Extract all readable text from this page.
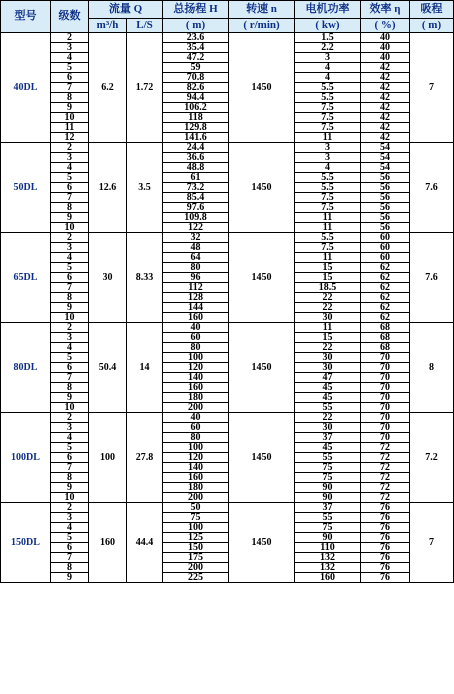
型号	级数	流量 Q		总扬程 H	转速 n	电机功率	效率 η	吸程
		m³/h	L/S	( m)	( r/min)	( kw)	( %)	( m)
40DL	2	6.2	1.72	23.6	1450	1.5	40	7
	3			35.4		2.2	40	
	4			47.2		3	40	
	5			59		4	42	
	6			70.8		4	42	
	7			82.6		5.5	42	
	8			94.4		5.5	42	
	9			106.2		7.5	42	
	10			118		7.5	42	
	11			129.8		7.5	42	
	12			141.6		11	42	
50DL	2	12.6	3.5	24.4	1450	3	54	7.6
	3			36.6		3	54	
	4			48.8		4	54	
	5			61		5.5	56	
	6			73.2		5.5	56	
	7			85.4		7.5	56	
	8			97.6		7.5	56	
	9			109.8		11	56	
	10			122		11	56	
65DL	2	30	8.33	32	1450	5.5	60	7.6
	3			48		7.5	60	
	4			64		11	60	
	5			80		15	62	
	6			96		15	62	
	7			112		18.5	62	
	8			128		22	62	
	9			144		22	62	
	10			160		30	62	
80DL	2	50.4	14	40	1450	11	68	8
	3			60		15	68	
	4			80		22	68	
	5			100		30	70	
	6			120		30	70	
	7			140		47	70	
	8			160		45	70	
	9			180		45	70	
	10			200		55	70	
100DL	2	100	27.8	40	1450	22	70	7.2
	3			60		30	70	
	4			80		37	70	
	5			100		45	72	
	6			120		55	72	
	7			140		75	72	
	8			160		75	72	
	9			180		90	72	
	10			200		90	72	
150DL	2	160	44.4	50	1450	37	76	7
	3			75		55	76	
	4			100		75	76	
	5			125		90	76	
	6			150		110	76	
	7			175		132	76	
	8			200		132	76	
	9			225		160	76	
